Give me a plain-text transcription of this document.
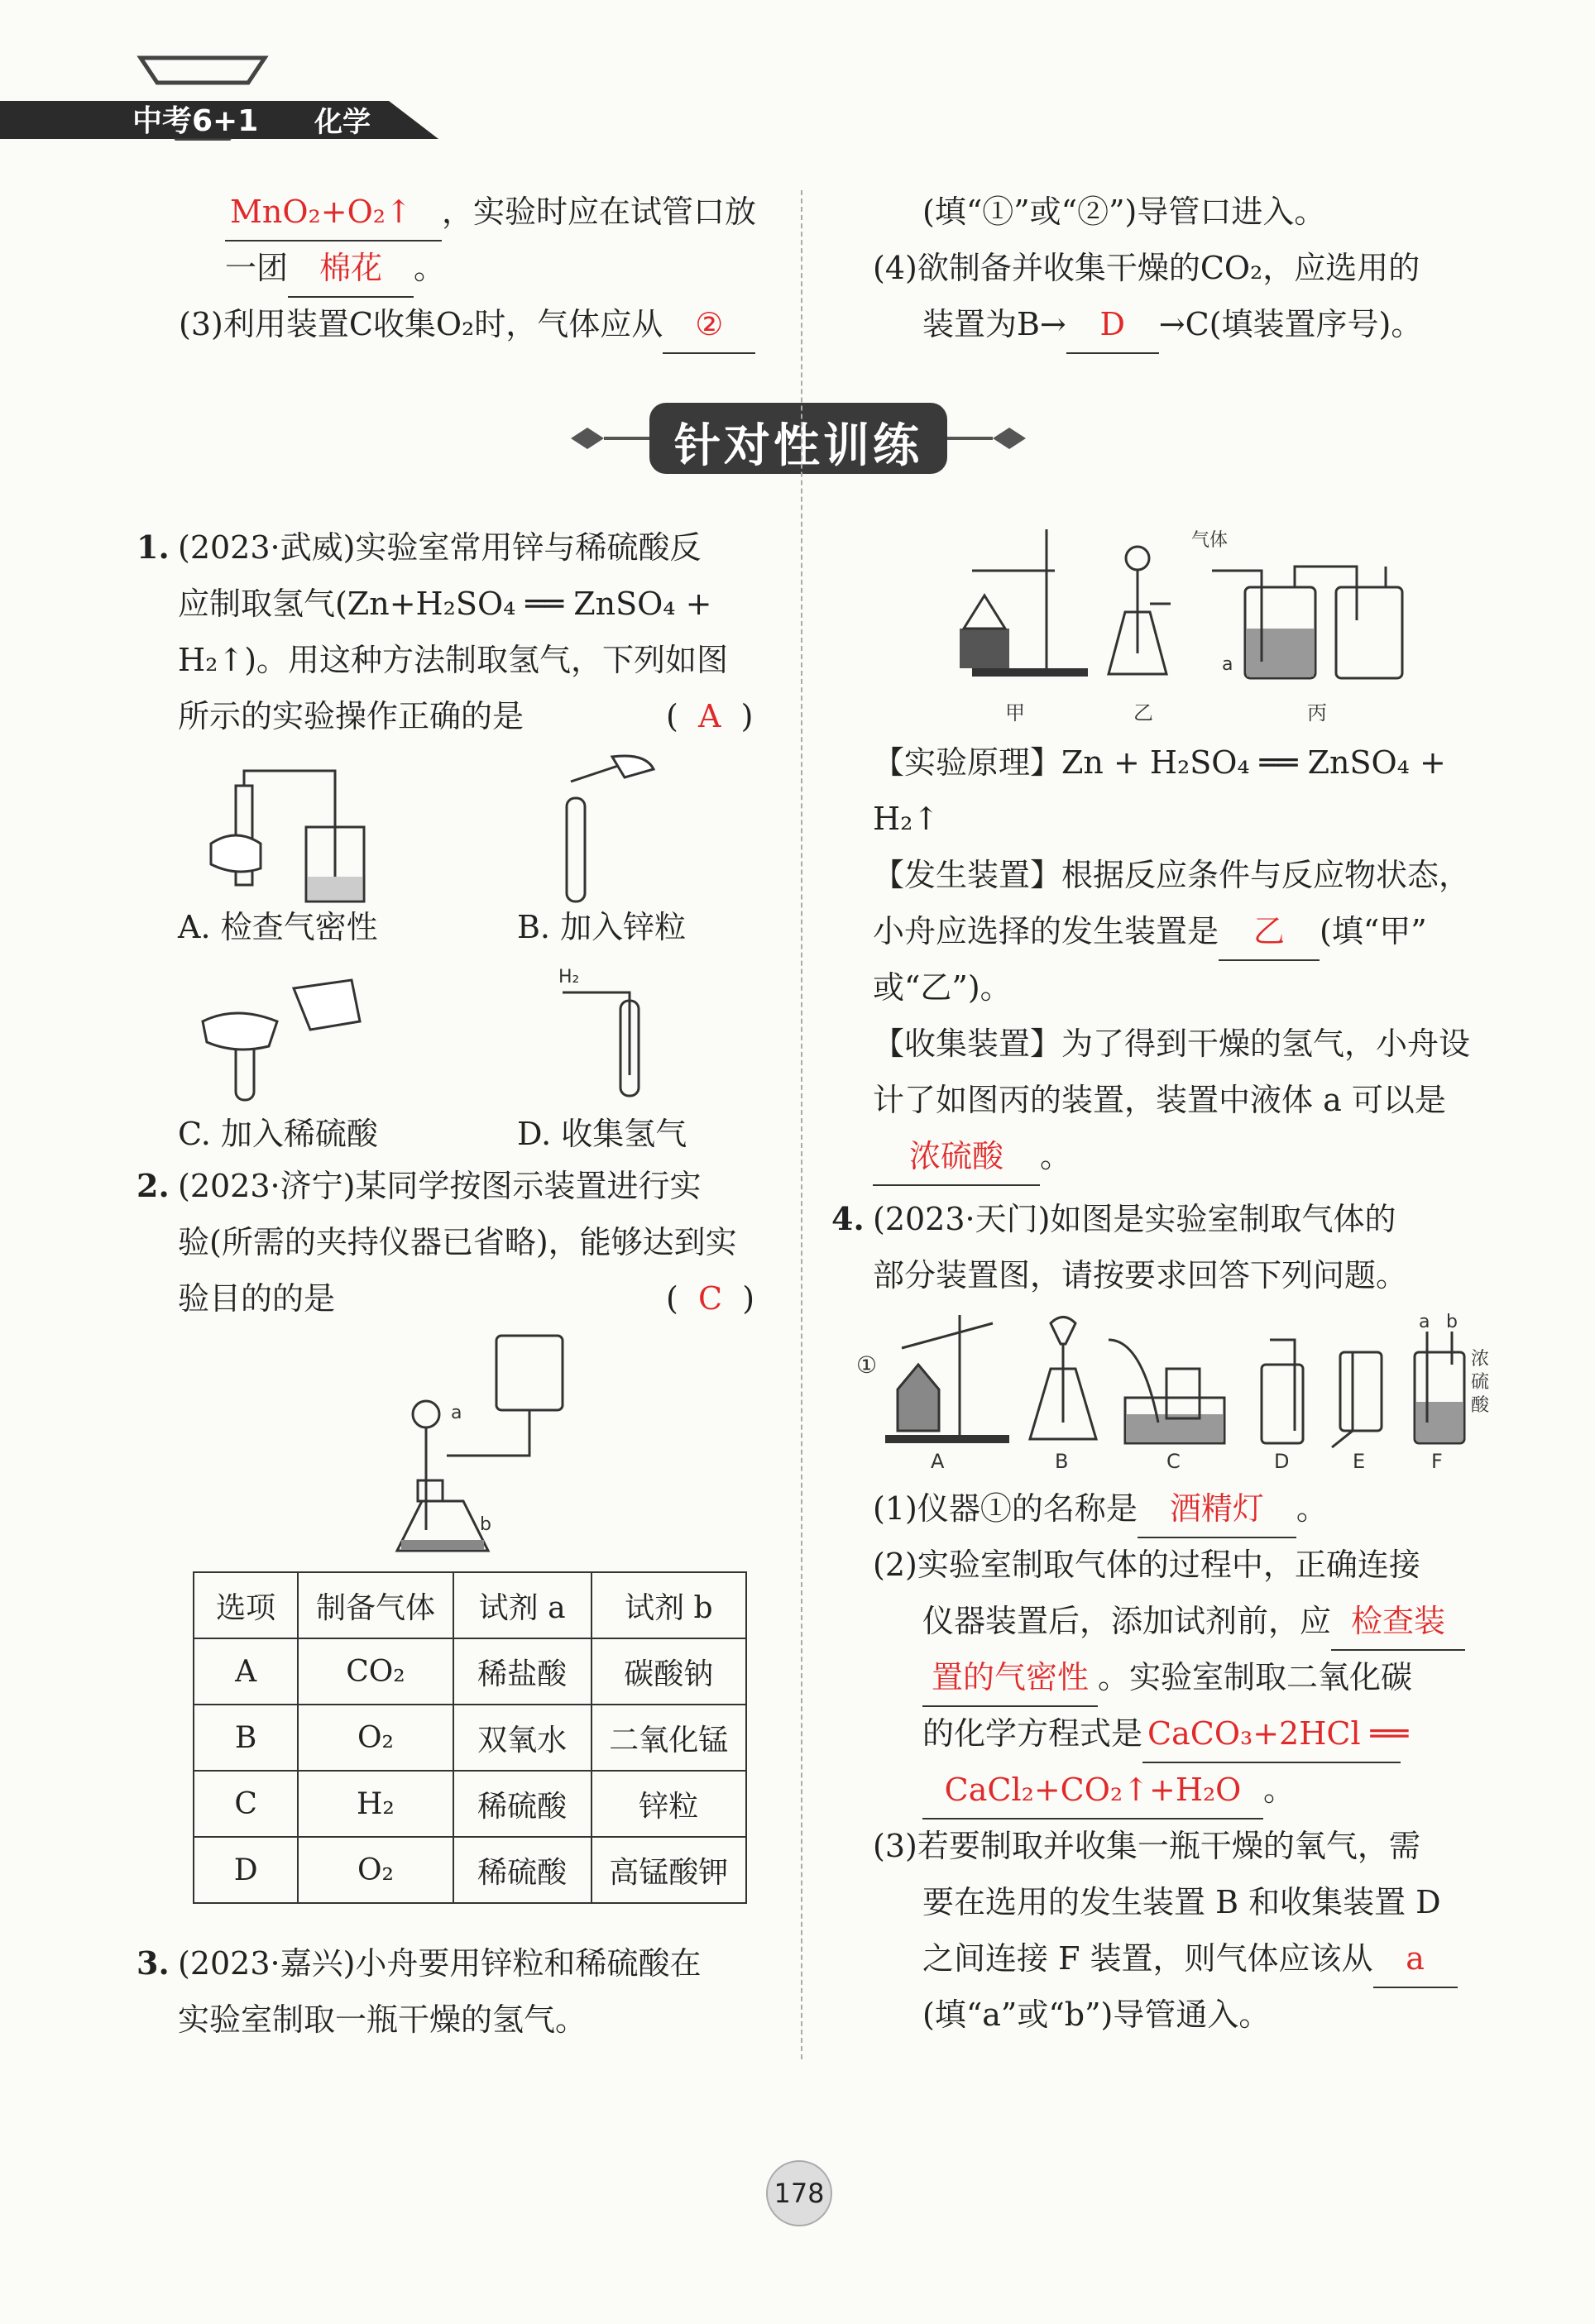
中考6+1 化学
MnO₂+O₂↑ ，实验时应在试管口放
一团 棉花 。
(3)利用装置C收集O₂时，气体应从 ②
(填“①”或“②”)导管口进入。
(4)欲制备并收集干燥的CO₂，应选用的
装置为B→ D →C(填装置序号)。
针对性训练
1. (2023·武威)实验室常用锌与稀硫酸反
应制取氢气(Zn+H₂SO₄ ══ ZnSO₄ +
H₂↑)。用这种方法制取氢气，下列如图
所示的实验操作正确的是	(  A  )
A. 检查气密性	B. 加入锌粒
H₂
C. 加入稀硫酸	D. 收集氢气
2. (2023·济宁)某同学按图示装置进行实
验(所需的夹持仪器已省略)，能够达到实
验目的的是	(  C  )
a
b
选项	制备气体	试剂 a	试剂 b
A	CO₂	稀盐酸	碳酸钠
B	O₂	双氧水	二氧化锰
C	H₂	稀硫酸	锌粒
D	O₂	稀硫酸	高锰酸钾
3. (2023·嘉兴)小舟要用锌粒和稀硫酸在
实验室制取一瓶干燥的氢气。
气体
a
甲	乙	丙
【实验原理】Zn + H₂SO₄ ══ ZnSO₄ +
H₂↑
【发生装置】根据反应条件与反应物状态，
小舟应选择的发生装置是 乙 (填“甲”
或“乙”)。
【收集装置】为了得到干燥的氢气，小舟设
计了如图丙的装置，装置中液体 a 可以是
浓硫酸 。
4. (2023·天门)如图是实验室制取气体的
部分装置图，请按要求回答下列问题。
①
a b
浓
硫
酸
A	B	C	D	E	F
(1)仪器①的名称是 酒精灯 。
(2)实验室制取气体的过程中，正确连接
仪器装置后，添加试剂前，应 检查装
置的气密性 。实验室制取二氧化碳
的化学方程式是 CaCO₃+2HCl ══
CaCl₂+CO₂↑+H₂O 。
(3)若要制取并收集一瓶干燥的氧气，需
要在选用的发生装置 B 和收集装置 D
之间连接 F 装置，则气体应该从 a
(填“a”或“b”)导管通入。
178
